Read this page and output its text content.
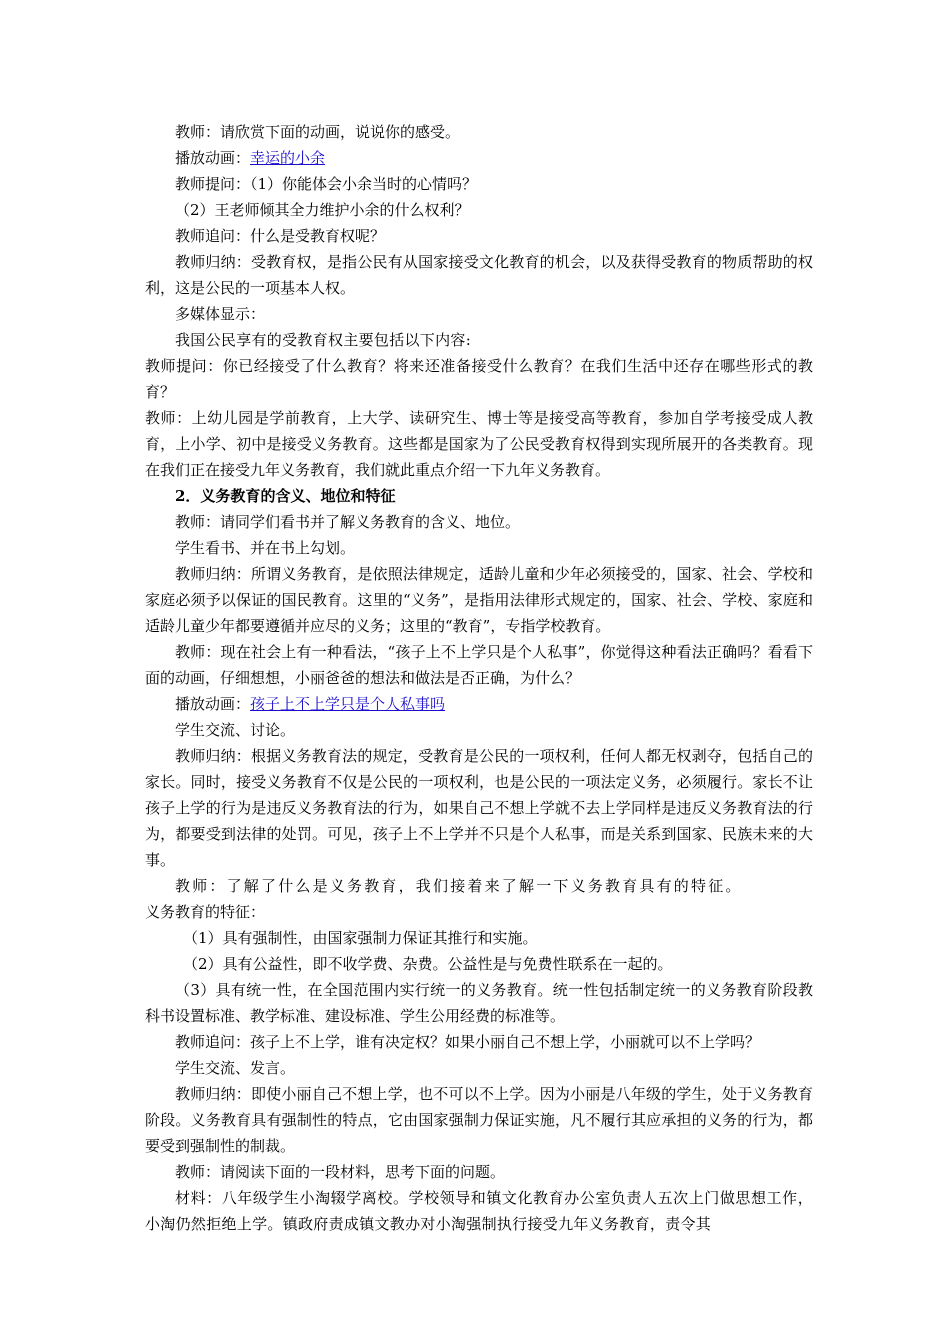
教师：请欣赏下面的动画，说说你的感受。

播放动画：幸运的小余

教师提问：（1）你能体会小余当时的心情吗？

（2）王老师倾其全力维护小余的什么权利？

教师追问：什么是受教育权呢？

教师归纳：受教育权，是指公民有从国家接受文化教育的机会，以及获得受教育的物质帮助的权利，这是公民的一项基本人权。

多媒体显示：

我国公民享有的受教育权主要包括以下内容:

教师提问：你已经接受了什么教育？将来还准备接受什么教育？在我们生活中还存在哪些形式的教育？

教师：上幼儿园是学前教育，上大学、读研究生、博士等是接受高等教育，参加自学考接受成人教育，上小学、初中是接受义务教育。这些都是国家为了公民受教育权得到实现所展开的各类教育。现在我们正在接受九年义务教育，我们就此重点介绍一下九年义务教育。

2．义务教育的含义、地位和特征

教师：请同学们看书并了解义务教育的含义、地位。

学生看书、并在书上勾划。

教师归纳：所谓义务教育，是依照法律规定，适龄儿童和少年必须接受的，国家、社会、学校和家庭必须予以保证的国民教育。这里的“义务”，是指用法律形式规定的，国家、社会、学校、家庭和适龄儿童少年都要遵循并应尽的义务；这里的“教育”，专指学校教育。

教师：现在社会上有一种看法，“孩子上不上学只是个人私事”，你觉得这种看法正确吗？看看下面的动画，仔细想想，小丽爸爸的想法和做法是否正确，为什么？

播放动画：孩子上不上学只是个人私事吗

学生交流、讨论。

教师归纳：根据义务教育法的规定，受教育是公民的一项权利，任何人都无权剥夺，包括自己的家长。同时，接受义务教育不仅是公民的一项权利，也是公民的一项法定义务，必须履行。家长不让孩子上学的行为是违反义务教育法的行为，如果自己不想上学就不去上学同样是违反义务教育法的行为，都要受到法律的处罚。可见，孩子上不上学并不只是个人私事，而是关系到国家、民族未来的大事。

教师：了解了什么是义务教育，我们接着来了解一下义务教育具有的特征。

义务教育的特征：

（1）具有强制性，由国家强制力保证其推行和实施。

（2）具有公益性，即不收学费、杂费。公益性是与免费性联系在一起的。

（3）具有统一性，在全国范围内实行统一的义务教育。统一性包括制定统一的义务教育阶段教科书设置标准、教学标准、建设标准、学生公用经费的标准等。

教师追问：孩子上不上学，谁有决定权？如果小丽自己不想上学，小丽就可以不上学吗？

学生交流、发言。

教师归纳：即使小丽自己不想上学，也不可以不上学。因为小丽是八年级的学生，处于义务教育阶段。义务教育具有强制性的特点，它由国家强制力保证实施，凡不履行其应承担的义务的行为，都要受到强制性的制裁。

教师：请阅读下面的一段材料，思考下面的问题。

材料：八年级学生小淘辍学离校。学校领导和镇文化教育办公室负责人五次上门做思想工作，小淘仍然拒绝上学。镇政府责成镇文教办对小淘强制执行接受九年义务教育，责令其
